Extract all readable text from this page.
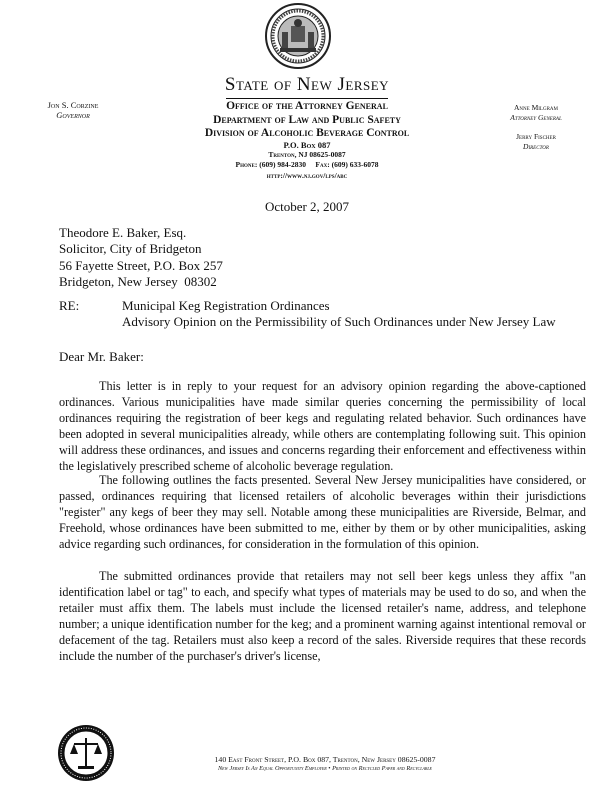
State of New Jersey
Office of the Attorney General
Department of Law and Public Safety
Division of Alcoholic Beverage Control
P.O. Box 087
Trenton, NJ 08625-0087
Phone: (609) 984-2830     Fax: (609) 633-6078
http://www.nj.gov/lps/abc
Jon S. Corzine
Governor
Anne Milgram
Attorney General
Jerry Fischer
Director
October 2, 2007
Theodore E. Baker, Esq.
Solicitor, City of Bridgeton
56 Fayette Street, P.O. Box 257
Bridgeton, New Jersey  08302
RE:	Municipal Keg Registration Ordinances
Advisory Opinion on the Permissibility of Such Ordinances under New Jersey Law
Dear Mr. Baker:

This letter is in reply to your request for an advisory opinion regarding the above-captioned ordinances. Various municipalities have made similar queries concerning the permissibility of local ordinances requiring the registration of beer kegs and regulating related behavior. Such ordinances have been adopted in several municipalities already, while others are contemplating following suit. This opinion will address these ordinances, and issues and concerns regarding their enforcement and effectiveness within the legislatively prescribed scheme of alcoholic beverage regulation.

The following outlines the facts presented. Several New Jersey municipalities have considered, or passed, ordinances requiring that licensed retailers of alcoholic beverages within their jurisdictions "register" any kegs of beer they may sell. Notable among these municipalities are Riverside, Belmar, and Freehold, whose ordinances have been submitted to me, either by them or by other municipalities, asking advice regarding such ordinances, for consideration in the formulation of this opinion.

The submitted ordinances provide that retailers may not sell beer kegs unless they affix "an identification label or tag" to each, and specify what types of materials may be used to do so, and when the retailer must affix them. The labels must include the licensed retailer's name, address, and telephone number; a unique identification number for the keg; and a prominent warning against intentional removal or defacement of the tag. Retailers must also keep a record of the sales. Riverside requires that these records include the number of the purchaser's driver's license,

140 East Front Street, P.O. Box 087, Trenton, New Jersey 08625-0087
New Jersey Is An Equal Opportunity Employer • Printed on Recycled Paper and Recyclable
